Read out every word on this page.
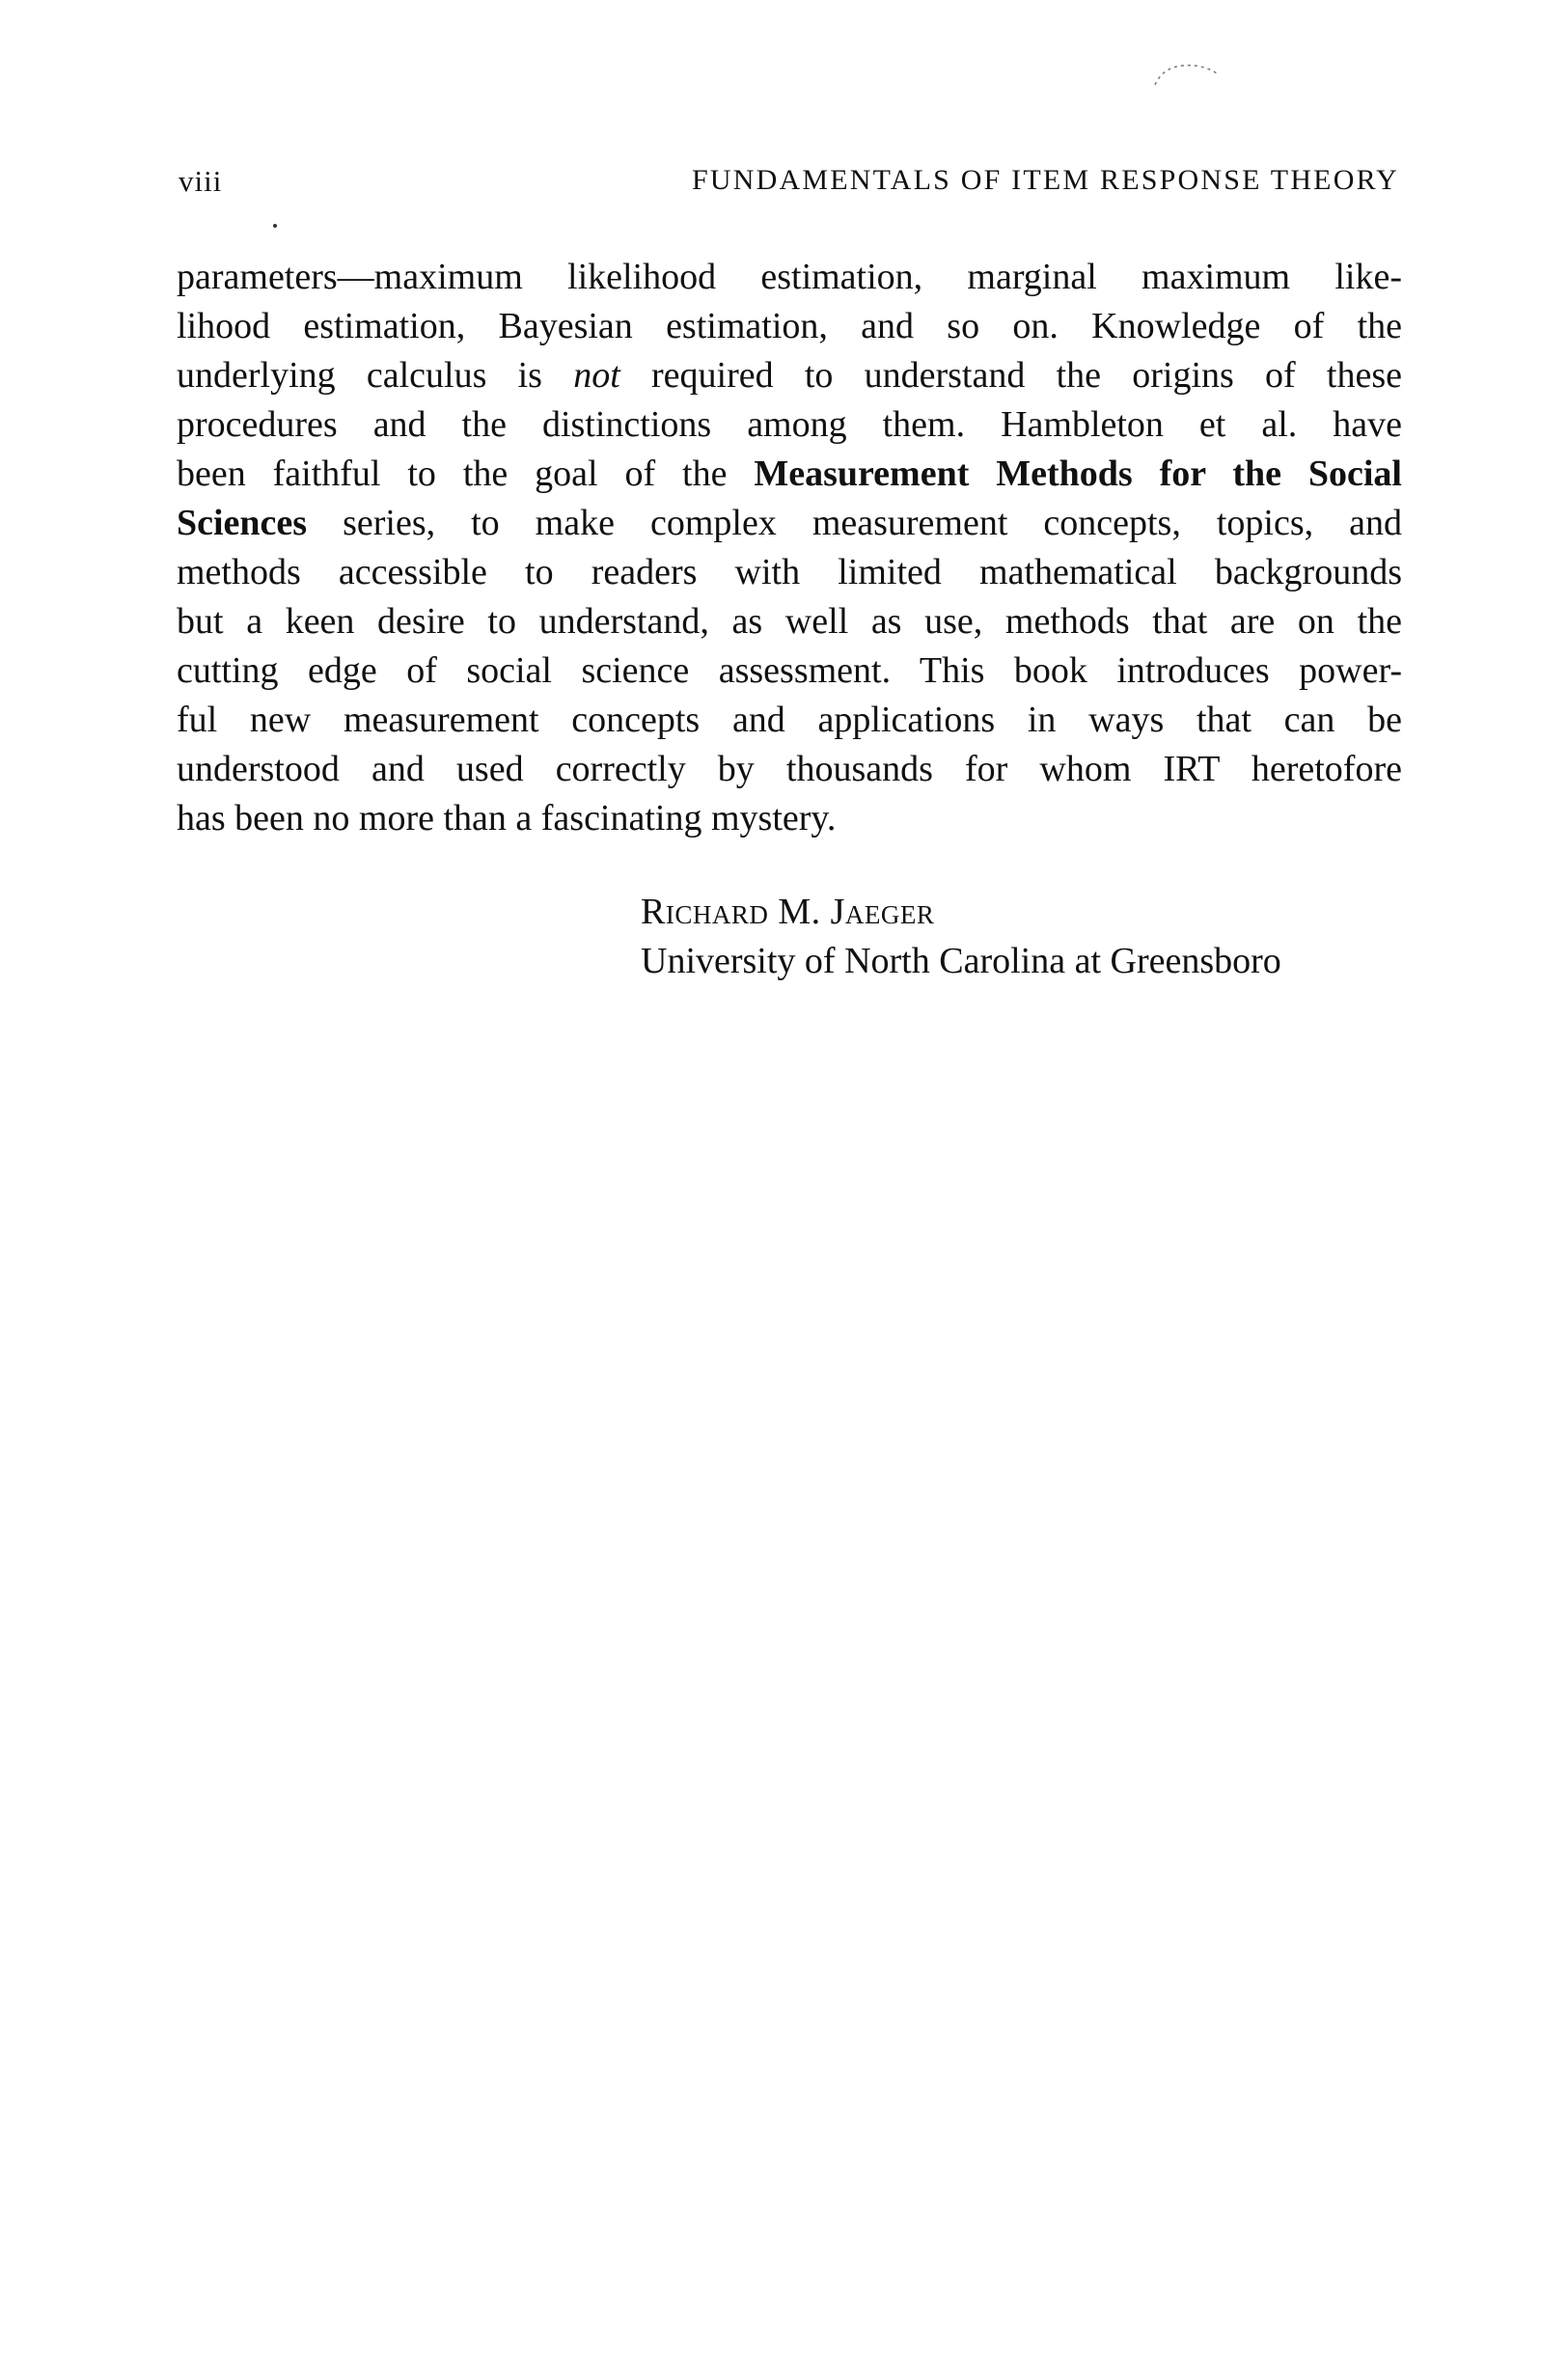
viii	FUNDAMENTALS OF ITEM RESPONSE THEORY

parameters—maximum likelihood estimation, marginal maximum like-
lihood estimation, Bayesian estimation, and so on. Knowledge of the
underlying calculus is not required to understand the origins of these
procedures and the distinctions among them. Hambleton et al. have
been faithful to the goal of the Measurement Methods for the Social
Sciences series, to make complex measurement concepts, topics, and
methods accessible to readers with limited mathematical backgrounds
but a keen desire to understand, as well as use, methods that are on the
cutting edge of social science assessment. This book introduces power-
ful new measurement concepts and applications in ways that can be
understood and used correctly by thousands for whom IRT heretofore
has been no more than a fascinating mystery.

Richard M. Jaeger
University of North Carolina at Greensboro
